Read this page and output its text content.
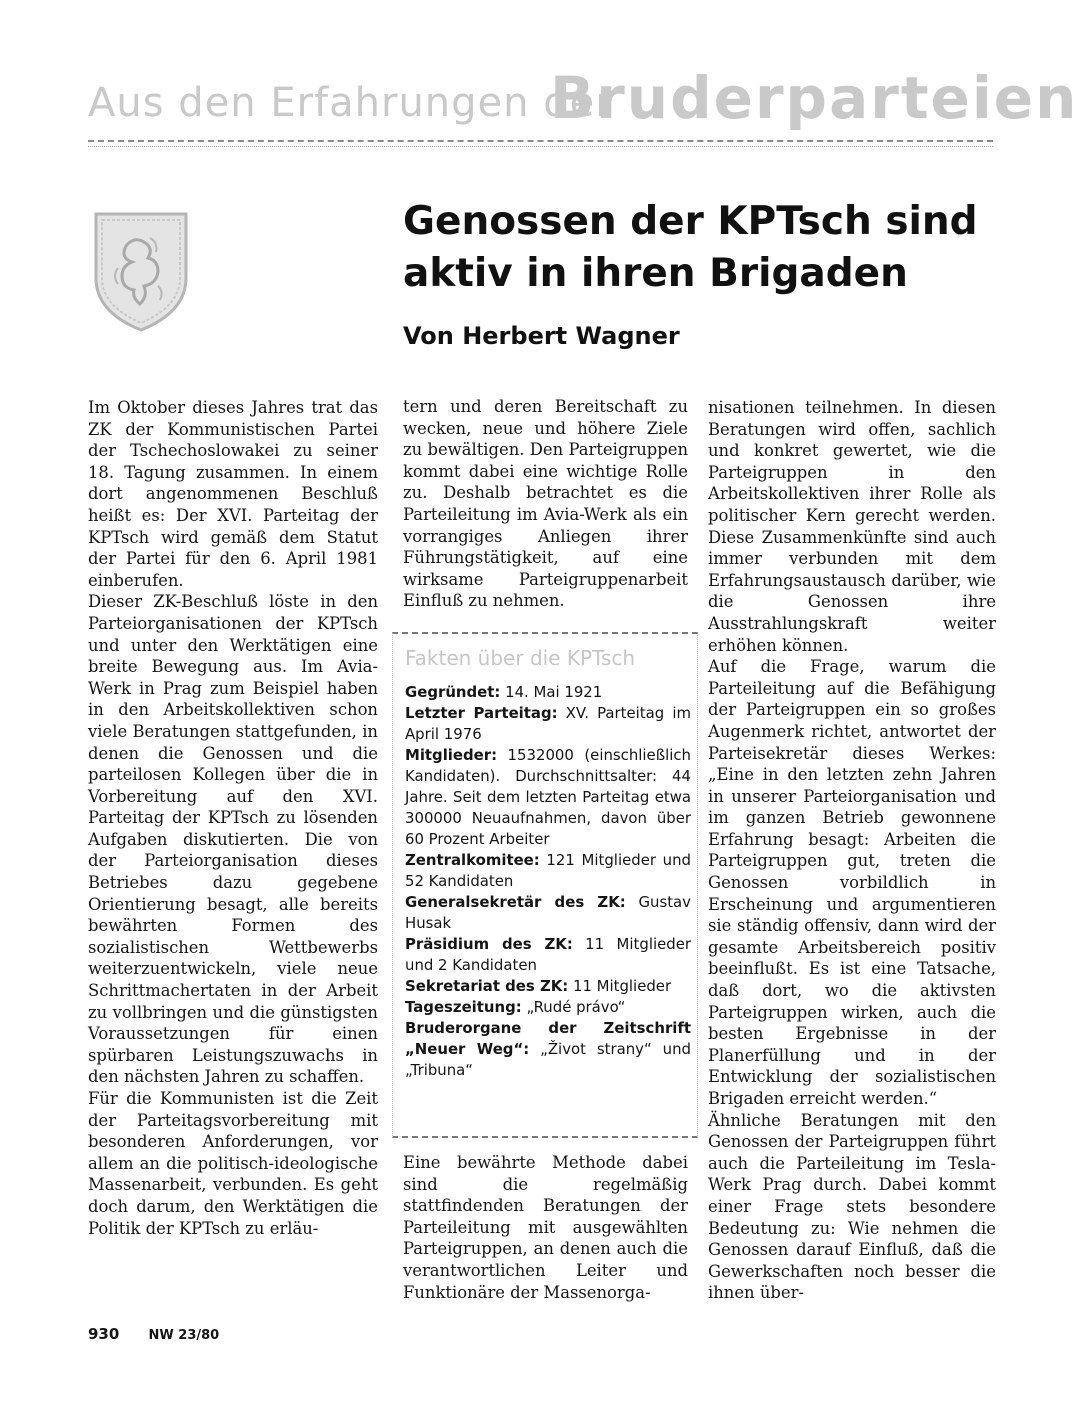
Aus den Erfahrungen der
Bruderparteien
Genossen der KPTsch sind aktiv in ihren Brigaden

Von Herbert Wagner

Im Oktober dieses Jahres trat das ZK der Kommunistischen Partei der Tschechoslowakei zu seiner 18. Tagung zusammen. In einem dort angenommenen Beschluß heißt es: Der XVI. Parteitag der KPTsch wird gemäß dem Statut der Partei für den 6. April 1981 einberufen.

Dieser ZK-Beschluß löste in den Parteiorganisationen der KPTsch und unter den Werktätigen eine breite Bewegung aus. Im Avia-Werk in Prag zum Beispiel haben in den Arbeitskollektiven schon viele Beratungen stattgefunden, in denen die Genossen und die parteilosen Kollegen über die in Vorbereitung auf den XVI. Parteitag der KPTsch zu lösenden Aufgaben diskutierten. Die von der Parteiorganisation dieses Betriebes dazu gegebene Orientierung besagt, alle bereits bewährten Formen des sozialistischen Wettbewerbs weiterzuentwickeln, viele neue Schrittmachertaten in der Arbeit zu vollbringen und die günstigsten Voraussetzungen für einen spürbaren Leistungszuwachs in den nächsten Jahren zu schaffen.

Für die Kommunisten ist die Zeit der Parteitagsvorbereitung mit besonderen Anforderungen, vor allem an die politisch-ideologische Massenarbeit, verbunden. Es geht doch darum, den Werktätigen die Politik der KPTsch zu erläu-

tern und deren Bereitschaft zu wecken, neue und höhere Ziele zu bewältigen. Den Parteigruppen kommt dabei eine wichtige Rolle zu. Deshalb betrachtet es die Parteileitung im Avia-Werk als ein vorrangiges Anliegen ihrer Führungstätigkeit, auf eine wirksame Parteigruppenarbeit Einfluß zu nehmen.

Fakten über die KPTsch

Gegründet: 14. Mai 1921

Letzter Parteitag: XV. Parteitag im April 1976

Mitglieder: 1532000 (einschließlich Kandidaten). Durchschnittsalter: 44 Jahre. Seit dem letzten Parteitag etwa 300000 Neuaufnahmen, davon über 60 Prozent Arbeiter

Zentralkomitee: 121 Mitglieder und 52 Kandidaten

Generalsekretär des ZK: Gustav Husak

Präsidium des ZK: 11 Mitglieder und 2 Kandidaten

Sekretariat des ZK: 11 Mitglieder

Tageszeitung: „Rudé právo“

Bruderorgane der Zeitschrift „Neuer Weg“: „Život strany“ und „Tribuna“

Eine bewährte Methode dabei sind die regelmäßig stattfindenden Beratungen der Parteileitung mit ausgewählten Parteigruppen, an denen auch die verantwortlichen Leiter und Funktionäre der Massenorga-

nisationen teilnehmen. In diesen Beratungen wird offen, sachlich und konkret gewertet, wie die Parteigruppen in den Arbeitskollektiven ihrer Rolle als politischer Kern gerecht werden. Diese Zusammenkünfte sind auch immer verbunden mit dem Erfahrungsaustausch darüber, wie die Genossen ihre Ausstrahlungskraft weiter erhöhen können.

Auf die Frage, warum die Parteileitung auf die Befähigung der Parteigruppen ein so großes Augenmerk richtet, antwortet der Parteisekretär dieses Werkes: „Eine in den letzten zehn Jahren in unserer Parteiorganisation und im ganzen Betrieb gewonnene Erfahrung besagt: Arbeiten die Parteigruppen gut, treten die Genossen vorbildlich in Erscheinung und argumentieren sie ständig offensiv, dann wird der gesamte Arbeitsbereich positiv beeinflußt. Es ist eine Tatsache, daß dort, wo die aktivsten Parteigruppen wirken, auch die besten Ergebnisse in der Planerfüllung und in der Entwicklung der sozialistischen Brigaden erreicht werden.“

Ähnliche Beratungen mit den Genossen der Parteigruppen führt auch die Parteileitung im Tesla-Werk Prag durch. Dabei kommt einer Frage stets besondere Bedeutung zu: Wie nehmen die Genossen darauf Einfluß, daß die Gewerkschaften noch besser die ihnen über-

930 NW 23/80
